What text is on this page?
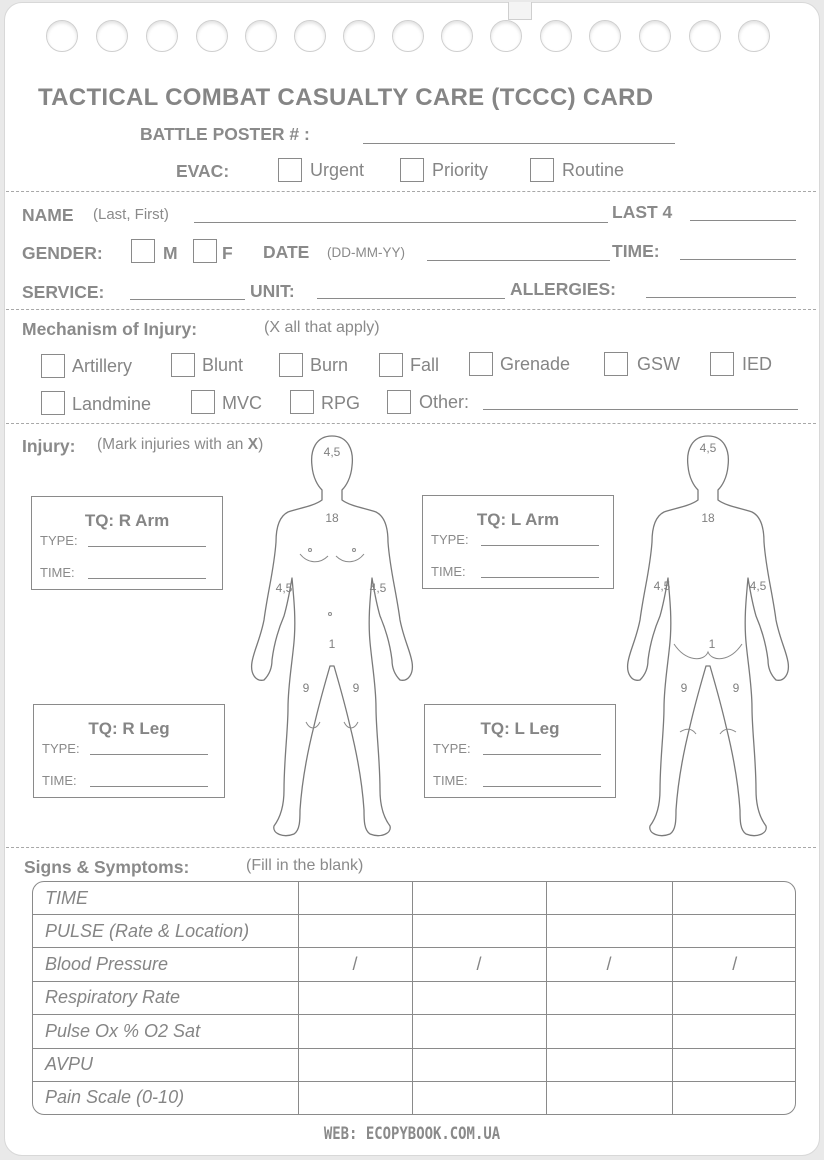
TACTICAL COMBAT CASUALTY CARE (TCCC) CARD
BATTLE POSTER # :
EVAC:	Urgent	Priority	Routine
NAME (Last, First)	LAST 4
GENDER:	M	F DATE (DD-MM-YY)	TIME:
SERVICE:	UNIT:	ALLERGIES:
Mechanism of Injury:	(X all that apply)
Artillery	Blunt	Burn	Fall	Grenade	GSW	IED
Landmine	MVC	RPG	Other:
Injury: (Mark injuries with an X)
TQ: R Arm
TYPE:
TIME:
TQ: L Arm
TYPE:
TIME:
TQ: R Leg
TYPE:
TIME:
TQ: L Leg
TYPE:
TIME:
4,5
18
4,5	4,5
1
9	9
4,5
18
4,5	4,5
1
9	9
Signs & Symptoms:	(Fill in the blank)
TIME				
PULSE (Rate & Location)				
Blood Pressure	/	/	/	/
Respiratory Rate				
Pulse Ox % O2 Sat				
AVPU				
Pain Scale (0-10)				
WEB: ECOPYBOOK.COM.UA
